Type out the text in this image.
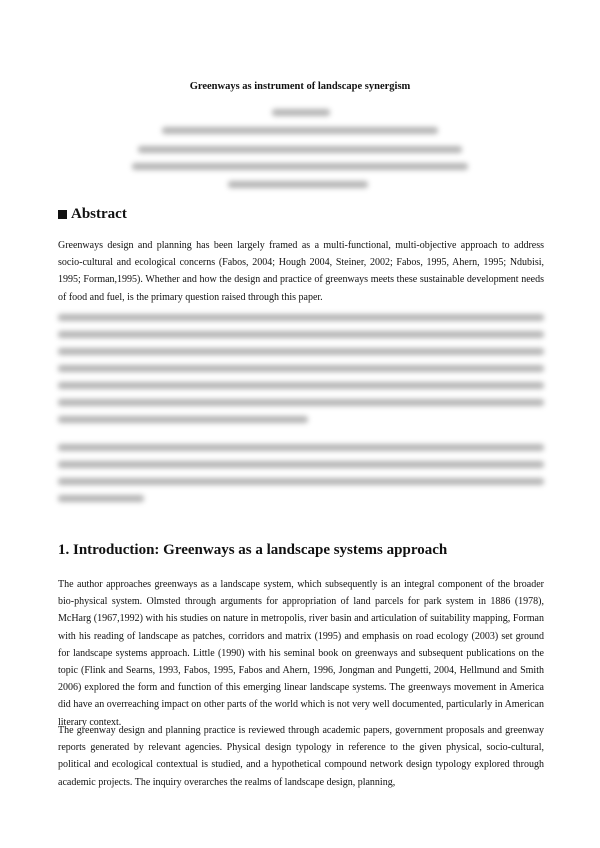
Greenways as instrument of landscape synergism
Abstract
Greenways design and planning has been largely framed as a multi-functional, multi-objective approach to address socio-cultural and ecological concerns (Fabos, 2004; Hough 2004, Steiner, 2002; Fabos, 1995, Ahern, 1995; Ndubisi, 1995; Forman,1995). Whether and how the design and practice of greenways meets these sustainable development needs of food and fuel, is the primary question raised through this paper.
1. Introduction: Greenways as a landscape systems approach
The author approaches greenways as a landscape system, which subsequently is an integral component of the broader bio-physical system. Olmsted through arguments for appropriation of land parcels for park system in 1886 (1978), McHarg (1967,1992) with his studies on nature in metropolis, river basin and articulation of suitability mapping, Forman with his reading of landscape as patches, corridors and matrix (1995) and emphasis on road ecology (2003) set ground for landscape systems approach. Little (1990) with his seminal book on greenways and subsequent publications on the topic (Flink and Searns, 1993, Fabos, 1995, Fabos and Ahern, 1996, Jongman and Pungetti, 2004, Hellmund and Smith 2006) explored the form and function of this emerging linear landscape systems. The greenways movement in America did have an overreaching impact on other parts of the world which is not very well documented, particularly in American literary context.
The greenway design and planning practice is reviewed through academic papers, government proposals and greenway reports generated by relevant agencies. Physical design typology in reference to the given physical, socio-cultural, political and ecological contextual is studied, and a hypothetical compound network design typology explored through academic projects. The inquiry overarches the realms of landscape design, planning,
